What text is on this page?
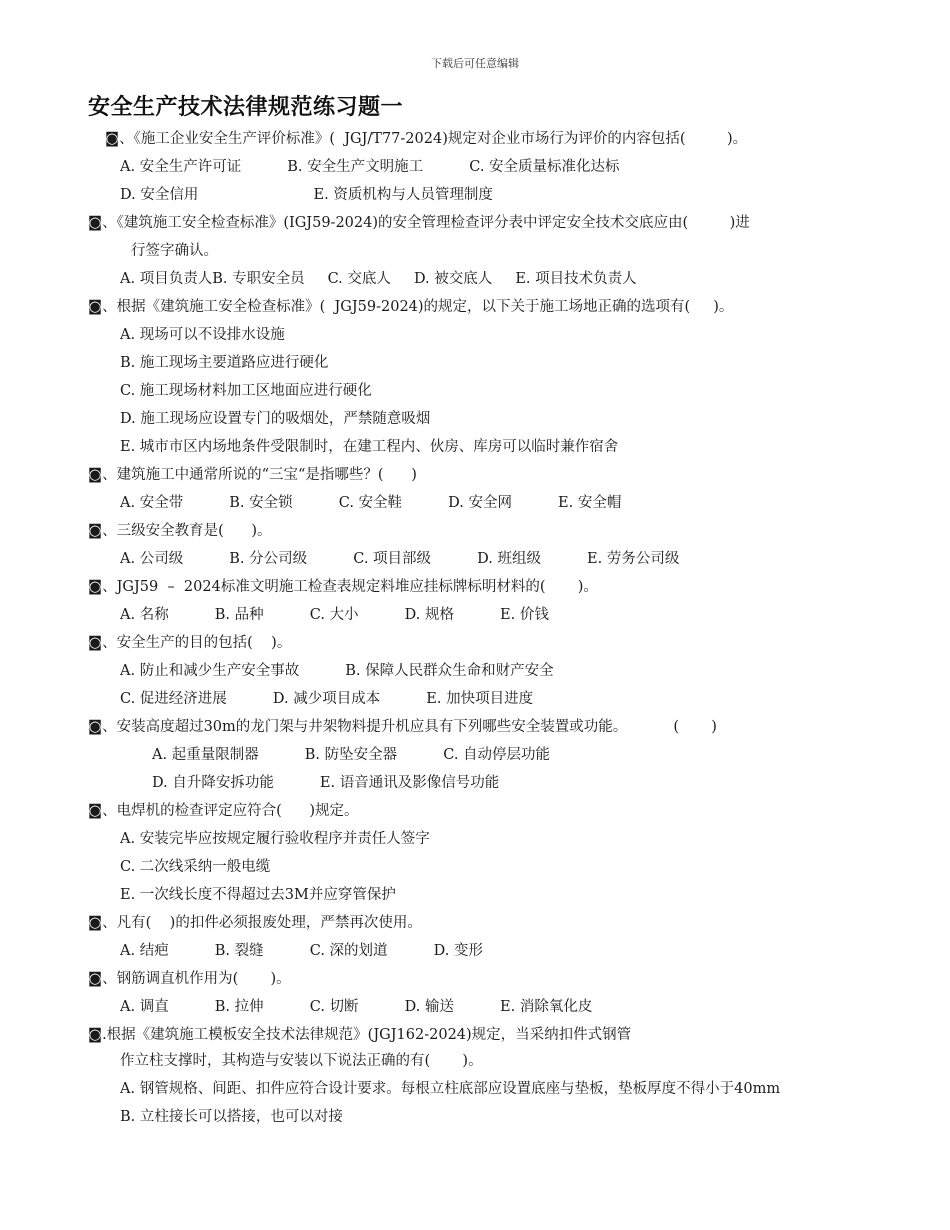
下载后可任意编辑
安全生产技术法律规范练习题一
◙、《施工企业安全生产评价标准》(  JGJ/T77-2024)规定对企业市场行为评价的内容包括(         )。
A. 安全生产许可证          B. 安全生产文明施工          C. 安全质量标准化达标
D. 安全信用                         E. 资质机构与人员管理制度
◙、《建筑施工安全检查标准》(IGJ59-2024)的安全管理检查评分表中评定安全技术交底应由(         )进
行签字确认。
A. 项目负责人B. 专职安全员     C. 交底人     D. 被交底人     E. 项目技术负责人
◙、根据《建筑施工安全检查标准》(  JGJ59-2024)的规定，以下关于施工场地正确的选项有(     )。
A. 现场可以不设排水设施
B. 施工现场主要道路应进行硬化
C. 施工现场材料加工区地面应进行硬化
D. 施工现场应设置专门的吸烟处，严禁随意吸烟
E. 城市市区内场地条件受限制时，在建工程内、伙房、库房可以临时兼作宿舍
◙、建筑施工中通常所说的“三宝“是指哪些？(      )
A. 安全带          B. 安全锁          C. 安全鞋          D. 安全网          E. 安全帽
◙、三级安全教育是(      )。
A. 公司级          B. 分公司级          C. 项目部级          D. 班组级          E. 劳务公司级
◙、JGJ59  –  2024标准文明施工检查表规定料堆应挂标牌标明材料的(       )。
A. 名称          B. 品种          C. 大小          D. 规格          E. 价钱
◙、安全生产的目的包括(    )。
A. 防止和减少生产安全事故          B. 保障人民群众生命和财产安全
C. 促进经济进展          D. 减少项目成本          E. 加快项目进度
◙、安装高度超过30m的龙门架与井架物料提升机应具有下列哪些安全装置或功能。          (       )
A. 起重量限制器          B. 防坠安全器          C. 自动停层功能
D. 自升降安拆功能          E. 语音通讯及影像信号功能
◙、电焊机的检查评定应符合(      )规定。
A. 安装完毕应按规定履行验收程序并责任人签字
C. 二次线采纳一般电缆
E. 一次线长度不得超过去3M并应穿管保护
◙、凡有(    )的扣件必须报废处理，严禁再次使用。
A. 结疤          B. 裂缝          C. 深的划道          D. 变形
◙、钢筋调直机作用为(       )。
A. 调直          B. 拉伸          C. 切断          D. 输送          E. 消除氧化皮
◙.根据《建筑施工模板安全技术法律规范》(JGJ162-2024)规定，当采纳扣件式钢管
作立柱支撑时，其构造与安装以下说法正确的有(       )。
A. 钢管规格、间距、扣件应符合设计要求。每根立柱底部应设置底座与垫板，垫板厚度不得小于40mm
B. 立柱接长可以搭接，也可以对接
